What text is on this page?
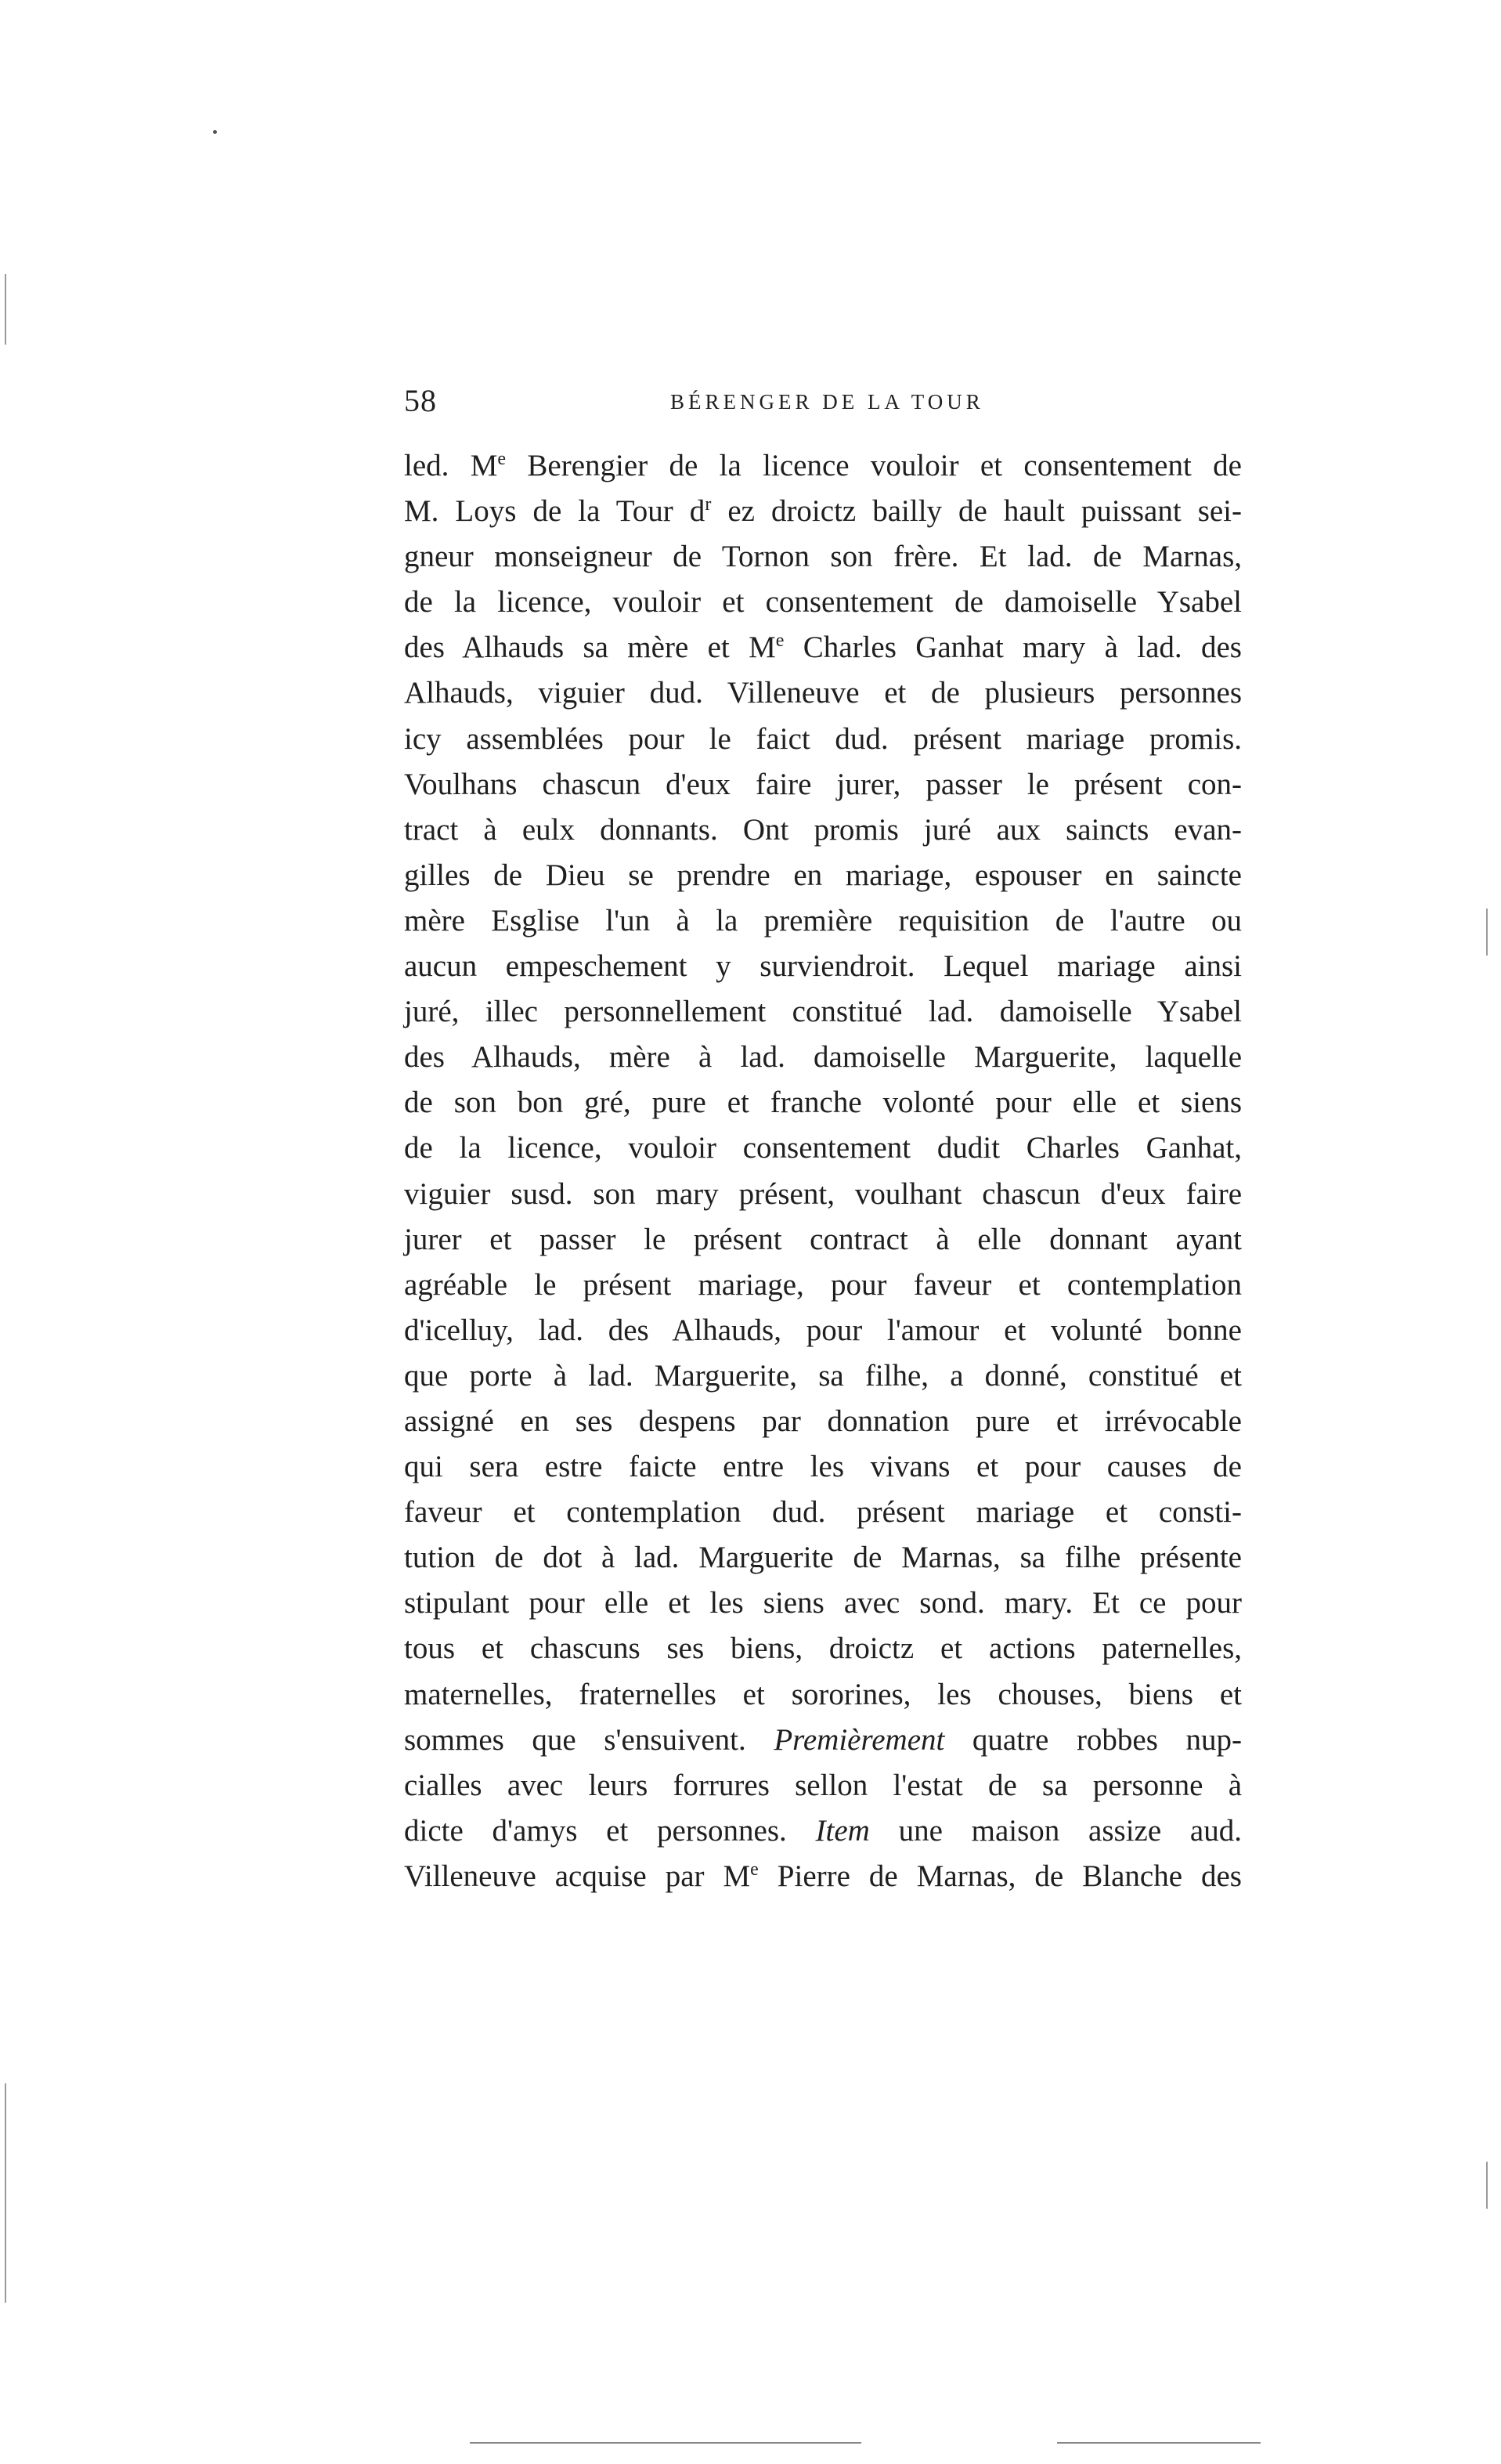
58	BÉRENGER DE LA TOUR
led. Me Berengier de la licence vouloir et consentement de
M. Loys de la Tour $d^r$ ez droictz bailly de hault puissant sei-
gneur monseigneur de Tornon son frère. Et lad. de Marnas,
de la licence, vouloir et consentement de damoiselle Ysabel
des Alhauds sa mère et Me Charles Ganhat mary à lad. des
Alhauds, viguier dud. Villeneuve et de plusieurs personnes
icy assemblées pour le faict dud. présent mariage promis.
Voulhans chascun d'eux faire jurer, passer le présent con-
tract à eulx donnants. Ont promis juré aux saincts evan-
gilles de Dieu se prendre en mariage, espouser en saincte
mère Esglise l'un à la première requisition de l'autre ou
aucun empeschement y surviendroit. Lequel mariage ainsi
juré, illec personnellement constitué lad. damoiselle Ysabel
des Alhauds, mère à lad. damoiselle Marguerite, laquelle
de son bon gré, pure et franche volonté pour elle et siens
de la licence, vouloir consentement dudit Charles Ganhat,
viguier susd. son mary présent, voulhant chascun d'eux faire
jurer et passer le présent contract à elle donnant ayant
agréable le présent mariage, pour faveur et contemplation
d'icelluy, lad. des Alhauds, pour l'amour et volunté bonne
que porte à lad. Marguerite, sa filhe, a donné, constitué et
assigné en ses despens par donnation pure et irrévocable
qui sera estre faicte entre les vivans et pour causes de
faveur et contemplation dud. présent mariage et consti-
tution de dot à lad. Marguerite de Marnas, sa filhe présente
stipulant pour elle et les siens avec sond. mary. Et ce pour
tous et chascuns ses biens, droictz et actions paternelles,
maternelles, fraternelles et sororines, les chouses, biens et
sommes que s'ensuivent. Premièrement quatre robbes nup-
cialles avec leurs forrures sellon l'estat de sa personne à
dicte d'amys et personnes. Item une maison assize aud.
Villeneuve acquise par Me Pierre de Marnas, de Blanche des
